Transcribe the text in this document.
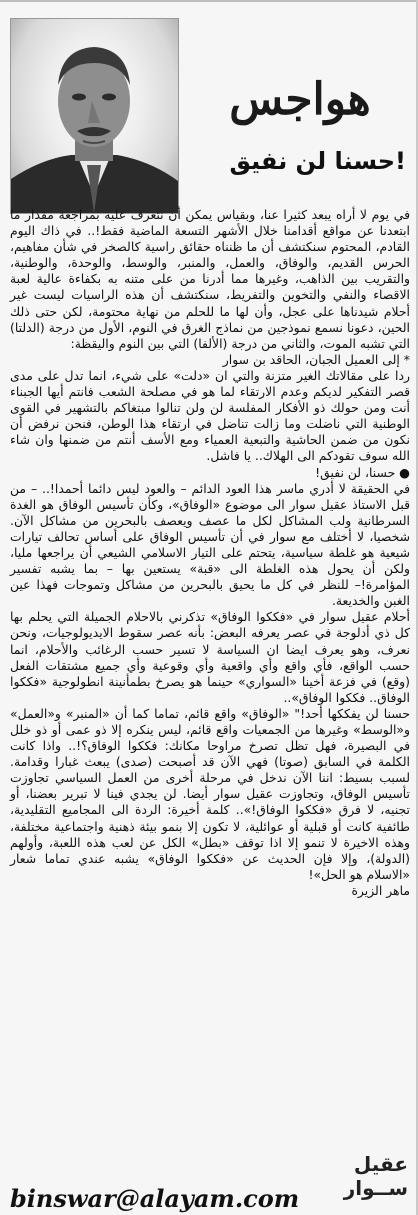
هواجس
حسنا لن نفيق!

في يوم لا أراه يبعد كثيرا عنا، وبقياس يمكن أن نتعرف عليه بمراجعة مقدار ما ابتعدنا عن مواقع أقدامنا خلال الأشهر التسعة الماضية فقط!.. في ذاك اليوم القادم، المحتوم سنكتشف أن ما ظنناه حقائق راسية كالصخر في شأن مفاهيم، الحرس القديم، والوفاق، والعمل، والمنبر، والوسط، والوحدة، والوطنية، والتقريب بين الذاهب، وغيرها مما أدرنا من على متنه به بكفاءة عالية لعبة الاقصاء والنفي والتخوين والتفريط، سنكتشف أن هذه الراسيات ليست غير أحلام شيدناها على عجل، وأن لها ما للحلم من نهاية محتومة، لكن حتى ذلك الحين، دعونا نسمع نموذجين من نماذج الغرق في النوم، الأول من درجة (الدلتا) التي تشبه الموت، والثاني من درجة (الألفا) التي بين النوم واليقظة:

* إلى العميل الجبان، الحاقد بن سوار

ردا على مقالاتك الغير متزنة والتي ان «دلت» على شيء، انما تدل على مدى قصر التفكير لديكم وعدم الارتقاء لما هو في مصلحة الشعب فانتم أيها الجبناء أنت ومن حولك ذو الأفكار المفلسة لن ولن تنالوا مبتغاكم بالتشهير في القوى الوطنية التي ناضلت وما زالت تناضل في ارتقاء هذا الوطن، فنحن نرفض أن نكون من ضمن الحاشية والتبعية العمياء ومع الأسف أنتم من ضمنها وان شاء الله سوف تقودكم الى الهلاك.. يا فاشل.

● حسنا، لن نفيق!

في الحقيقة لا أدري ماسر هذا العود الدائم – والعود ليس دائما أحمدا!.. – من قبل الاستاذ عقيل سوار الى موضوع «الوفاق»، وكأن تأسيس الوفاق هو الغدة السرطانية ولب المشاكل لكل ما عصف ويعصف بالبحرين من مشاكل الآن. شخصيا، لا أختلف مع سوار في أن تأسيس الوفاق على أساس تحالف تيارات شيعية هو غلطة سياسية، يتحتم على التيار الاسلامي الشيعي أن يراجعها مليا، ولكن أن يحول هذه الغلطة الى «قبة» يستعين بها – بما يشبه تفسير المؤامرة!– للنظر في كل ما يحيق بالبحرين من مشاكل وتموجات فهذا عين الغبن والخديعة.

أحلام عقيل سوار في «فككوا الوفاق» تذكرني بالاحلام الجميلة التي يحلم بها كل ذي أدلوجة في عصر يعرفه البعض: بأنه عصر سقوط الايديولوجيات، ونحن نعرف، وهو يعرف ايضا ان السياسة لا تسير حسب الرغائب والأحلام، انما حسب الواقع، فأي واقع وأي واقعية وأي وقوعية وأي جميع مشتقات الفعل (وقع) في فزعة أخينا «السواري» حينما هو يصرخ بطمأنينة انطولوجية «فككوا الوفاق.. فككوا الوفاق»..

حسنا لن يفككها أحد!" «الوفاق» واقع قائم، تماما كما أن «المنبر» و«العمل» و«الوسط» وغيرها من الجمعيات واقع قائم، ليس ينكره إلا ذو عمى أو ذو خلل في البصيرة، فهل تظل تصرخ مراوحا مكانك: فككوا الوفاق؟!.. واذا كانت الكلمة في السابق (صوتا) فهي الآن قد أصبحت (صدى) يبعث غبارا وقدامة. لسبب بسيط: اننا الآن ندخل في مرحلة أخرى من العمل السياسي تجاوزت تأسيس الوفاق، وتجاوزت عقيل سوار أيضا. لن يجدي فينا لا تبرير بعضنا، أو تجنيه، لا فرق «فككوا الوفاق!».. كلمة أخيرة: الردة الى المجاميع التقليدية، طائفية كانت أو قبلية أو عوائلية، لا تكون إلا بنمو بيئة ذهنية واجتماعية مختلفة، وهذه الاخيرة لا تنمو إلا اذا توقف «بطل» الكل عن لعب هذه اللعبة، وأولهم (الدولة)، وإلا فإن الحديث عن «فككوا الوفاق» يشبه عندي تماما شعار «الاسلام هو الحل»!

ماهر الزيرة

عقيل ســوار
binswar@alayam.com
